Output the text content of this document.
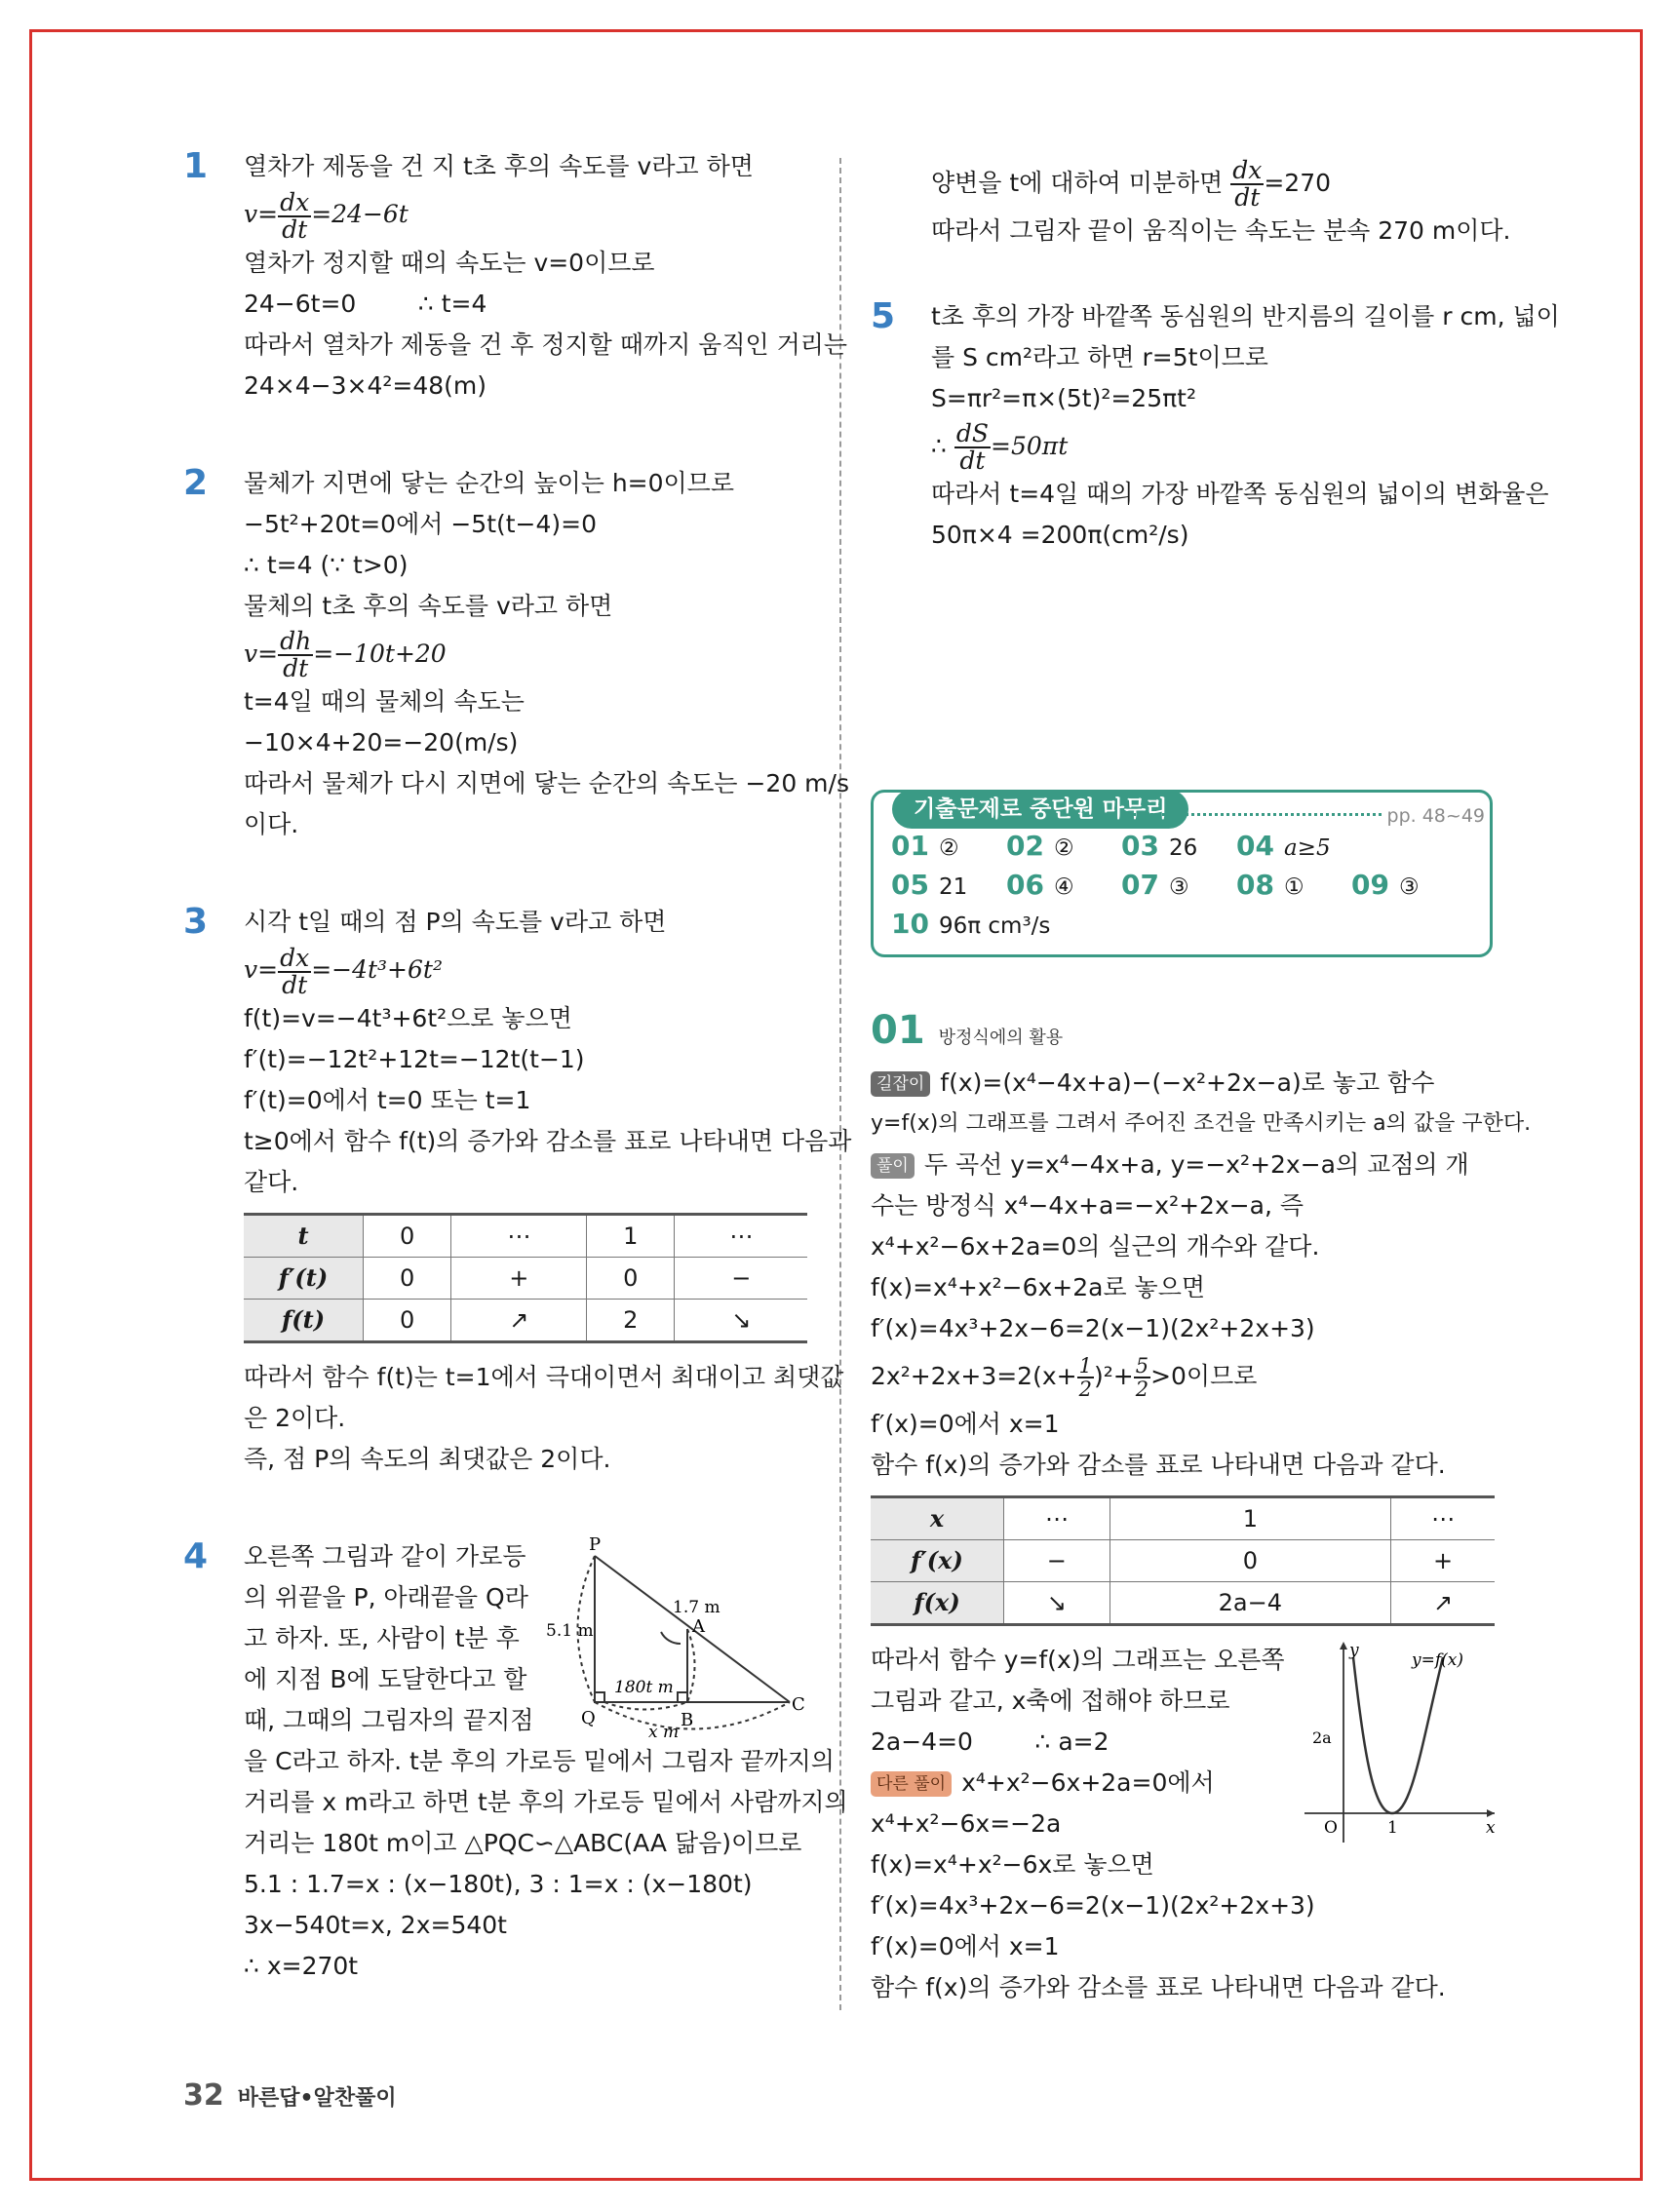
1 열차가 제동을 건 지 t초 후의 속도를 v라고 하면

$v= \frac{dx}{dt} =24-6t$

열차가 정지할 때의 속도는 v=0이므로

24−6t=0        ∴ t=4

따라서 열차가 제동을 건 후 정지할 때까지 움직인 거리는

24×4−3×4²=48(m)

2 물체가 지면에 닿는 순간의 높이는 h=0이므로

−5t²+20t=0에서 −5t(t−4)=0

∴ t=4 (∵ t>0)

물체의 t초 후의 속도를 v라고 하면

$v= \frac{dh}{dt} =-10t+20$

t=4일 때의 물체의 속도는

−10×4+20=−20(m/s)

따라서 물체가 다시 지면에 닿는 순간의 속도는 −20 m/s

이다.

3 시각 t일 때의 점 P의 속도를 v라고 하면

$v= \frac{dx}{dt} =-4t^3+6t^2$

f(t)=v=−4t³+6t²으로 놓으면

f′(t)=−12t²+12t=−12t(t−1)

f′(t)=0에서 t=0 또는 t=1

t≥0에서 함수 f(t)의 증가와 감소를 표로 나타내면 다음과

같다.

t	0	⋯	1	⋯
f′(t)	0	+	0	−
f(t)	0	↗	2	↘

따라서 함수 f(t)는 t=1에서 극대이면서 최대이고 최댓값

은 2이다.

즉, 점 P의 속도의 최댓값은 2이다.

4	P
Q
A
B
C
5.1 m
1.7 m
180t m
x m

오른쪽 그림과 같이 가로등

의 위끝을 P, 아래끝을 Q라

고 하자. 또, 사람이 t분 후

에 지점 B에 도달한다고 할

때, 그때의 그림자의 끝지점

을 C라고 하자. t분 후의 가로등 밑에서 그림자 끝까지의

거리를 x m라고 하면 t분 후의 가로등 밑에서 사람까지의

거리는 180t m이고 △PQC∽△ABC(AA 닮음)이므로

5.1 : 1.7=x : (x−180t), 3 : 1=x : (x−180t)

3x−540t=x, 2x=540t

∴ x=270t

양변을 t에 대하여 미분하면 $\frac{dx}{dt} =270$

따라서 그림자 끝이 움직이는 속도는 분속 270 m이다.

5 t초 후의 가장 바깥쪽 동심원의 반지름의 길이를 r cm, 넓이

를 S cm²라고 하면 r=5t이므로

S=πr²=π×(5t)²=25πt²

∴ $\frac{dS}{dt} =50\pi t$

따라서 t=4일 때의 가장 바깥쪽 동심원의 넓이의 변화율은

50π×4 =200π(cm²/s)

기출문제로 중단원 마무리	pp. 48~49
01 ②	02 ②	03 26	04 a≥5
05 21	06 ④	07 ③	08 ①	09 ③
10 96π cm³/s
01 방정식에의 활용

길잡이 f(x)=(x⁴−4x+a)−(−x²+2x−a)로 놓고 함수

y=f(x)의 그래프를 그려서 주어진 조건을 만족시키는 a의 값을 구한다.

풀이 두 곡선 y=x⁴−4x+a, y=−x²+2x−a의 교점의 개

수는 방정식 x⁴−4x+a=−x²+2x−a, 즉

x⁴+x²−6x+2a=0의 실근의 개수와 같다.

f(x)=x⁴+x²−6x+2a로 놓으면

f′(x)=4x³+2x−6=2(x−1)(2x²+2x+3)

$2x^2+2x+3=2(x+ \frac{1}{2} )^2+ \frac{5}{2} >0$이므로

f′(x)=0에서 x=1

함수 f(x)의 증가와 감소를 표로 나타내면 다음과 같다.

x	⋯	1	⋯
f′(x)	−	0	+
f(x)	↘	2a−4	↗

따라서 함수 y=f(x)의 그래프는 오른쪽

그림과 같고, x축에 접해야 하므로

2a−4=0        ∴ a=2

다른 풀이 x⁴+x²−6x+2a=0에서

x⁴+x²−6x=−2a

f(x)=x⁴+x²−6x로 놓으면

f′(x)=4x³+2x−6=2(x−1)(2x²+2x+3)

f′(x)=0에서 x=1

함수 f(x)의 증가와 감소를 표로 나타내면 다음과 같다.

y
x
y=f(x)
2a
O	1
32 바른답•알찬풀이
